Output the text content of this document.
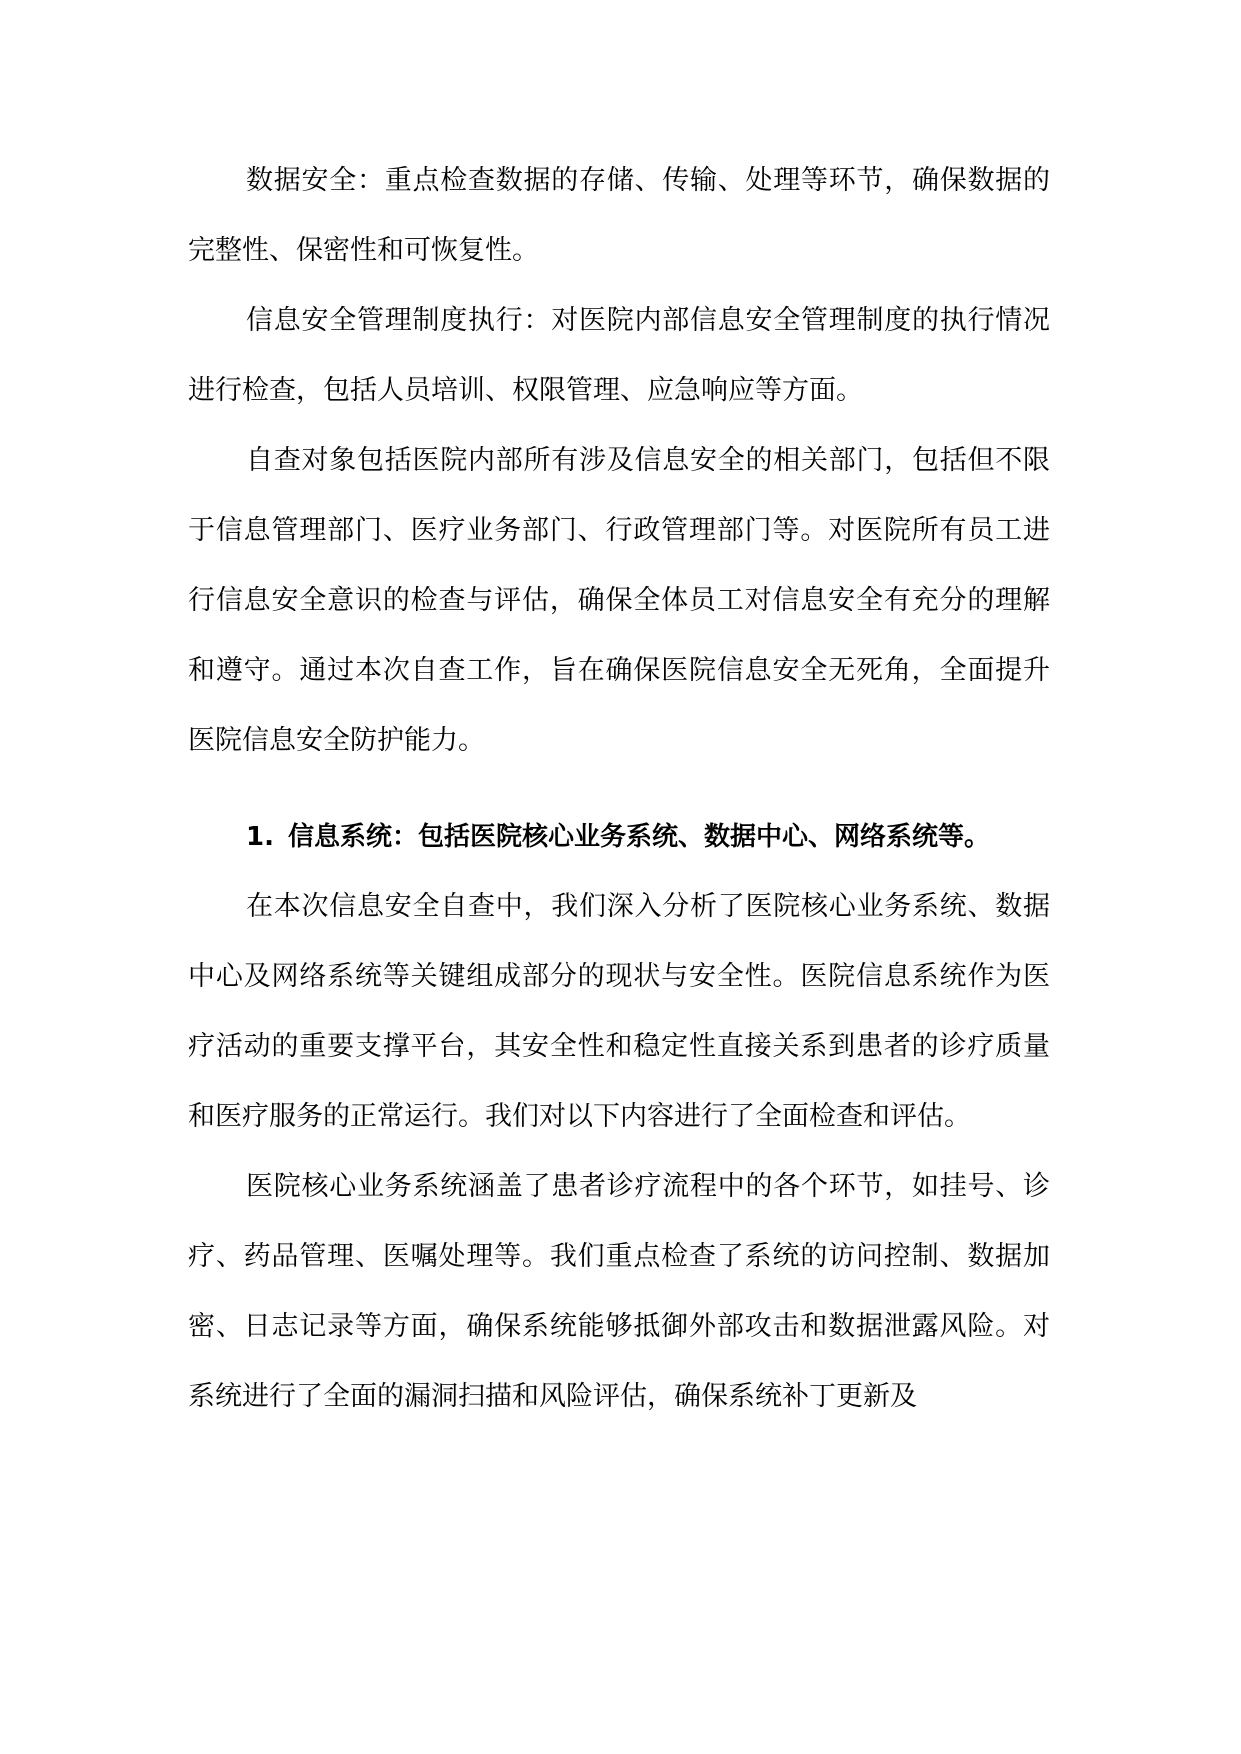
数据安全：重点检查数据的存储、传输、处理等环节，确保数据的完整性、保密性和可恢复性。

信息安全管理制度执行：对医院内部信息安全管理制度的执行情况进行检查，包括人员培训、权限管理、应急响应等方面。

自查对象包括医院内部所有涉及信息安全的相关部门，包括但不限于信息管理部门、医疗业务部门、行政管理部门等。对医院所有员工进行信息安全意识的检查与评估，确保全体员工对信息安全有充分的理解和遵守。通过本次自查工作，旨在确保医院信息安全无死角，全面提升医院信息安全防护能力。

1. 信息系统：包括医院核心业务系统、数据中心、网络系统等。

在本次信息安全自查中，我们深入分析了医院核心业务系统、数据中心及网络系统等关键组成部分的现状与安全性。医院信息系统作为医疗活动的重要支撑平台，其安全性和稳定性直接关系到患者的诊疗质量和医疗服务的正常运行。我们对以下内容进行了全面检查和评估。

医院核心业务系统涵盖了患者诊疗流程中的各个环节，如挂号、诊疗、药品管理、医嘱处理等。我们重点检查了系统的访问控制、数据加密、日志记录等方面，确保系统能够抵御外部攻击和数据泄露风险。对系统进行了全面的漏洞扫描和风险评估，确保系统补丁更新及
